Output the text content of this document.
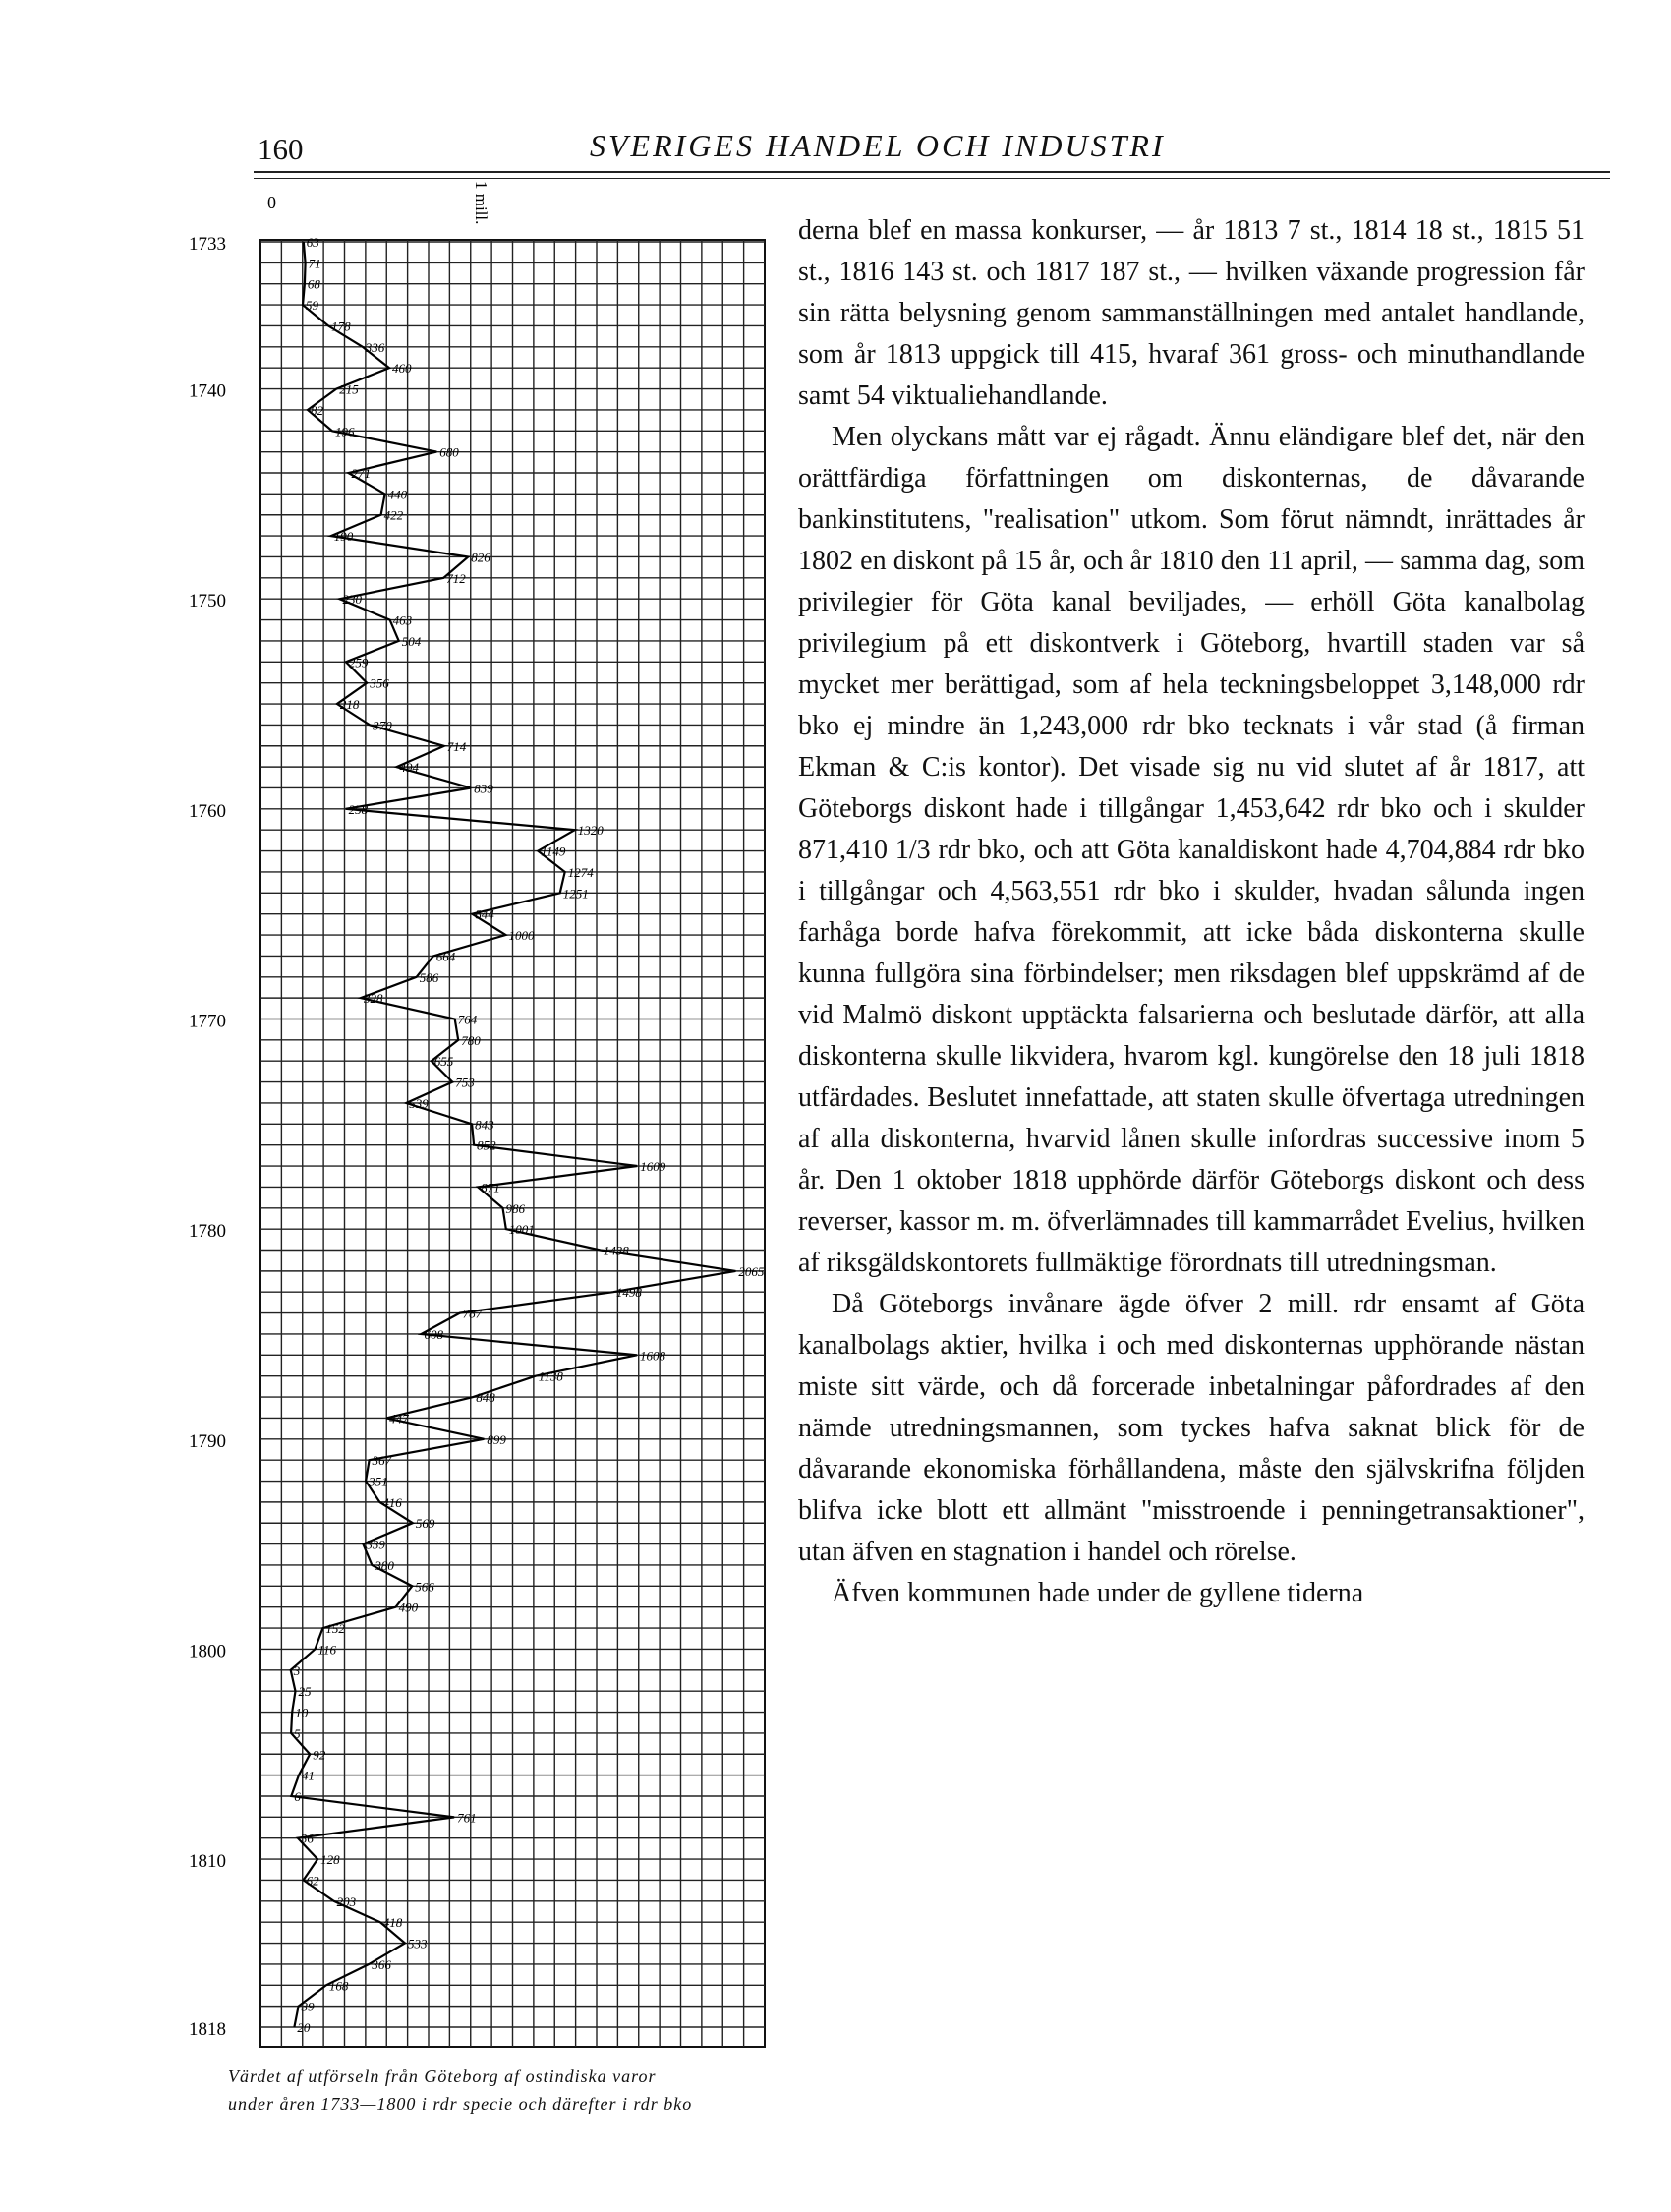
160	SVERIGES HANDEL OCH INDUSTRI
0	1 mill.
1733
1740
1750
1760
1770
1780
1790
1800
1810
1818
63
71
68
59
178
336
460
215
82
196
680
271
440
422
190
826
712
230
463
504
259
356
218
370
714
494
839
258
1320
1149
1274
1251
844
1000
664
586
328
764
780
655
753
539
843
852
1609
871
986
1001
1438
2065
1498
787
608
1608
1138
848
447
899
367
351
416
569
339
380
566
490
152
116
3
25
10
5
92
41
6
761
36
128
62
203
418
533
366
168
39
20
Värdet af utförseln från Göteborg af ostindiska varor
under åren 1733—1800 i rdr specie och därefter i rdr bko

derna blef en massa konkurser, — år 1813 7 st., 1814 18 st., 1815 51 st., 1816 143 st. och 1817 187 st., — hvilken växande progression får sin rätta belysning genom sammanställningen med antalet handlande, som år 1813 uppgick till 415, hvaraf 361 gross- och minuthandlande samt 54 viktualiehandlande.

Men olyckans mått var ej rågadt. Ännu eländigare blef det, när den orättfärdiga författningen om diskonternas, de dåvarande bankinstitutens, "realisation" utkom. Som förut nämndt, inrättades år 1802 en diskont på 15 år, och år 1810 den 11 april, — samma dag, som privilegier för Göta kanal beviljades, — erhöll Göta kanalbolag privilegium på ett diskontverk i Göteborg, hvartill staden var så mycket mer berättigad, som af hela teckningsbeloppet 3,148,000 rdr bko ej mindre än 1,243,000 rdr bko tecknats i vår stad (å firman Ekman & C:is kontor). Det visade sig nu vid slutet af år 1817, att Göteborgs diskont hade i tillgångar 1,453,642 rdr bko och i skulder 871,410 1/3 rdr bko, och att Göta kanaldiskont hade 4,704,884 rdr bko i tillgångar och 4,563,551 rdr bko i skulder, hvadan sålunda ingen farhåga borde hafva förekommit, att icke båda diskonterna skulle kunna fullgöra sina förbindelser; men riksdagen blef uppskrämd af de vid Malmö diskont upptäckta falsarierna och beslutade därför, att alla diskonterna skulle likvidera, hvarom kgl. kungörelse den 18 juli 1818 utfärdades. Beslutet innefattade, att staten skulle öfvertaga utredningen af alla diskonterna, hvarvid lånen skulle infordras successive inom 5 år. Den 1 oktober 1818 upphörde därför Göteborgs diskont och dess reverser, kassor m. m. öfverlämnades till kammarrådet Evelius, hvilken af riksgäldskontorets fullmäktige förordnats till utredningsman.

Då Göteborgs invånare ägde öfver 2 mill. rdr ensamt af Göta kanalbolags aktier, hvilka i och med diskonternas upphörande nästan miste sitt värde, och då forcerade inbetalningar påfordrades af den nämde utredningsmannen, som tyckes hafva saknat blick för de dåvarande ekonomiska förhållandena, måste den självskrifna följden blifva icke blott ett allmänt "misstroende i penningetransaktioner", utan äfven en stagnation i handel och rörelse.

Äfven kommunen hade under de gyllene tiderna
